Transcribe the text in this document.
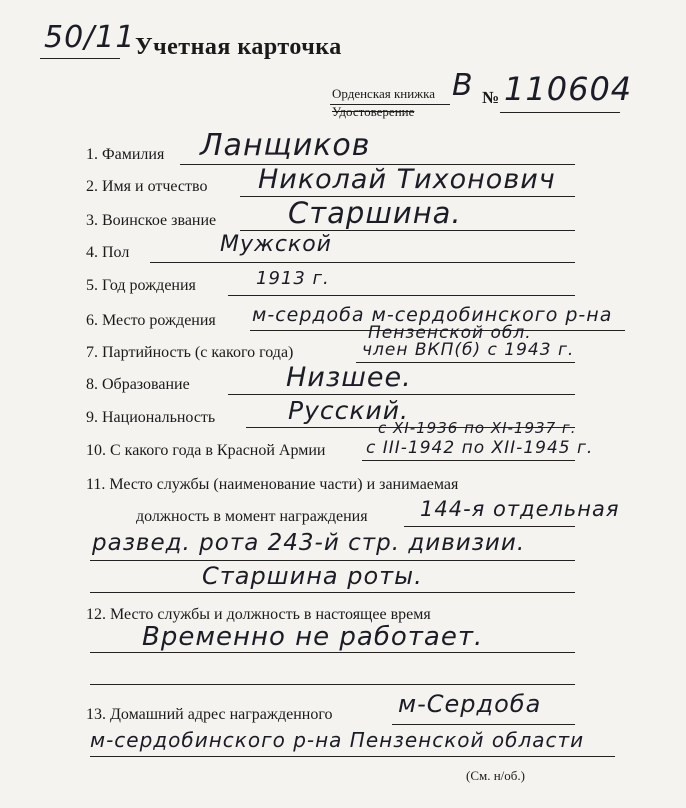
50/11 Учетная карточка
Орденская книжка
Удостоверение
В № 110604
1. Фамилия Ланщиков
2. Имя и отчество Николай Тихонович
3. Воинское звание Старшина.
4. Пол	Мужской
5. Год рождения	1913 г.
6. Место рождения м-сердоба м-сердобинского р-на
Пензенской обл.
7. Партийность (с какого года)	член ВКП(б) с 1943 г.
8. Образование	Низшее.
9. Национальность	Русский.
10. С какого года в Красной Армии
с XI-1936 по XI-1937 г.
с III-1942 по XII-1945 г.
11. Место службы (наименование части) и занимаемая
должность в момент награждения 144-я отдельная
развед. рота 243-й стр. дивизии.
Старшина роты.
12. Место службы и должность в настоящее время
Временно не работает.
13. Домашний адрес награжденного	м-Сердоба
м-сердобинского р-на Пензенской области
(См. н/об.)
